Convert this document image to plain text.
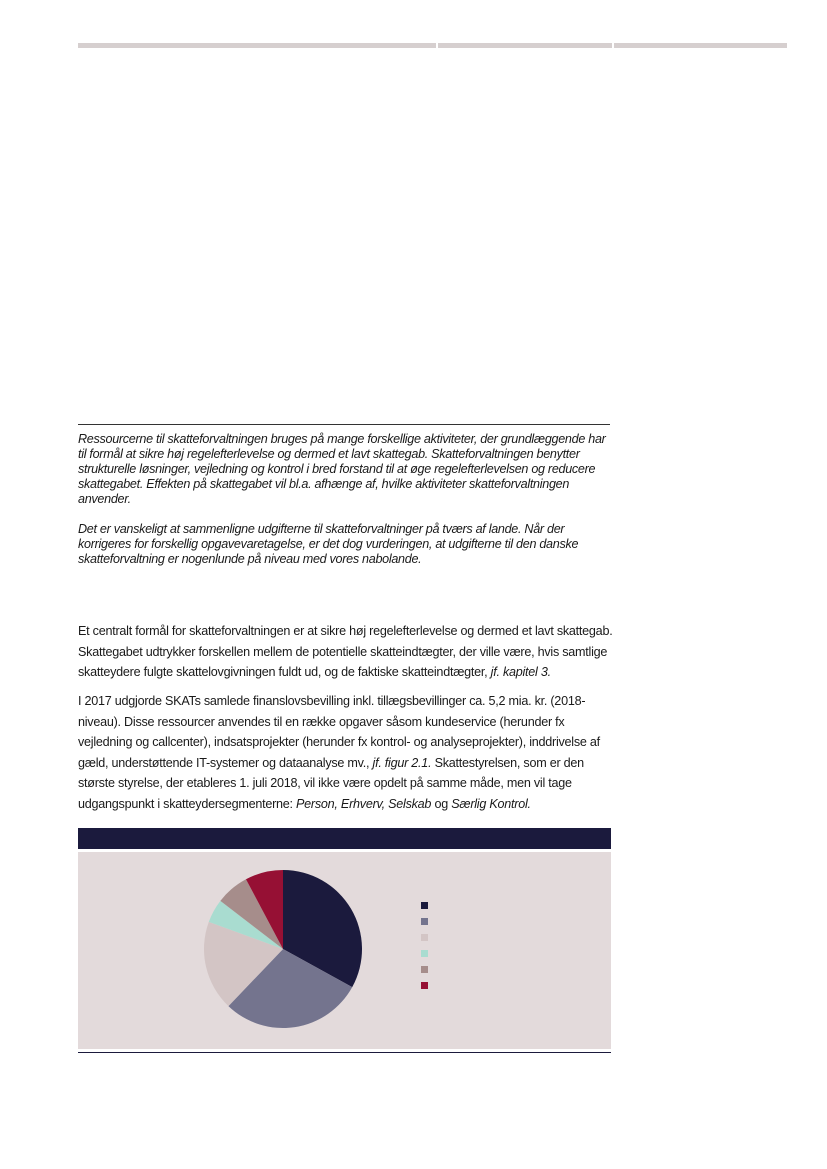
Ressourcerne til skatteforvaltningen bruges på mange forskellige aktiviteter, der grundlæggende har til formål at sikre høj regelefterlevelse og dermed et lavt skattegab. Skatteforvaltningen benytter strukturelle løsninger, vejledning og kontrol i bred forstand til at øge regelefterlevelsen og reducere skattegabet. Effekten på skattegabet vil bl.a. afhænge af, hvilke aktiviteter skatteforvaltningen anvender.

Det er vanskeligt at sammenligne udgifterne til skatteforvaltninger på tværs af lande. Når der korrigeres for forskellig opgavevaretagelse, er det dog vurderingen, at udgifterne til den danske skatteforvaltning er nogenlunde på niveau med vores nabolande.

Et centralt formål for skatteforvaltningen er at sikre høj regelefterlevelse og dermed et lavt skattegab. Skattegabet udtrykker forskellen mellem de potentielle skatteindtægter, der ville være, hvis samtlige skatteydere fulgte skattelovgivningen fuldt ud, og de faktiske skatteindtægter, jf. kapitel 3.

I 2017 udgjorde SKATs samlede finanslovsbevilling inkl. tillægsbevillinger ca. 5,2 mia. kr. (2018-niveau). Disse ressourcer anvendes til en række opgaver såsom kundeservice (herunder fx vejledning og callcenter), indsatsprojekter (herunder fx kontrol- og analyseprojekter), inddrivelse af gæld, understøttende IT-systemer og dataanalyse mv., jf. figur 2.1. Skattestyrelsen, som er den største styrelse, der etableres 1. juli 2018, vil ikke være opdelt på samme måde, men vil tage udgangspunkt i skatteydersegmenterne: Person, Erhverv, Selskab og Særlig Kontrol.
